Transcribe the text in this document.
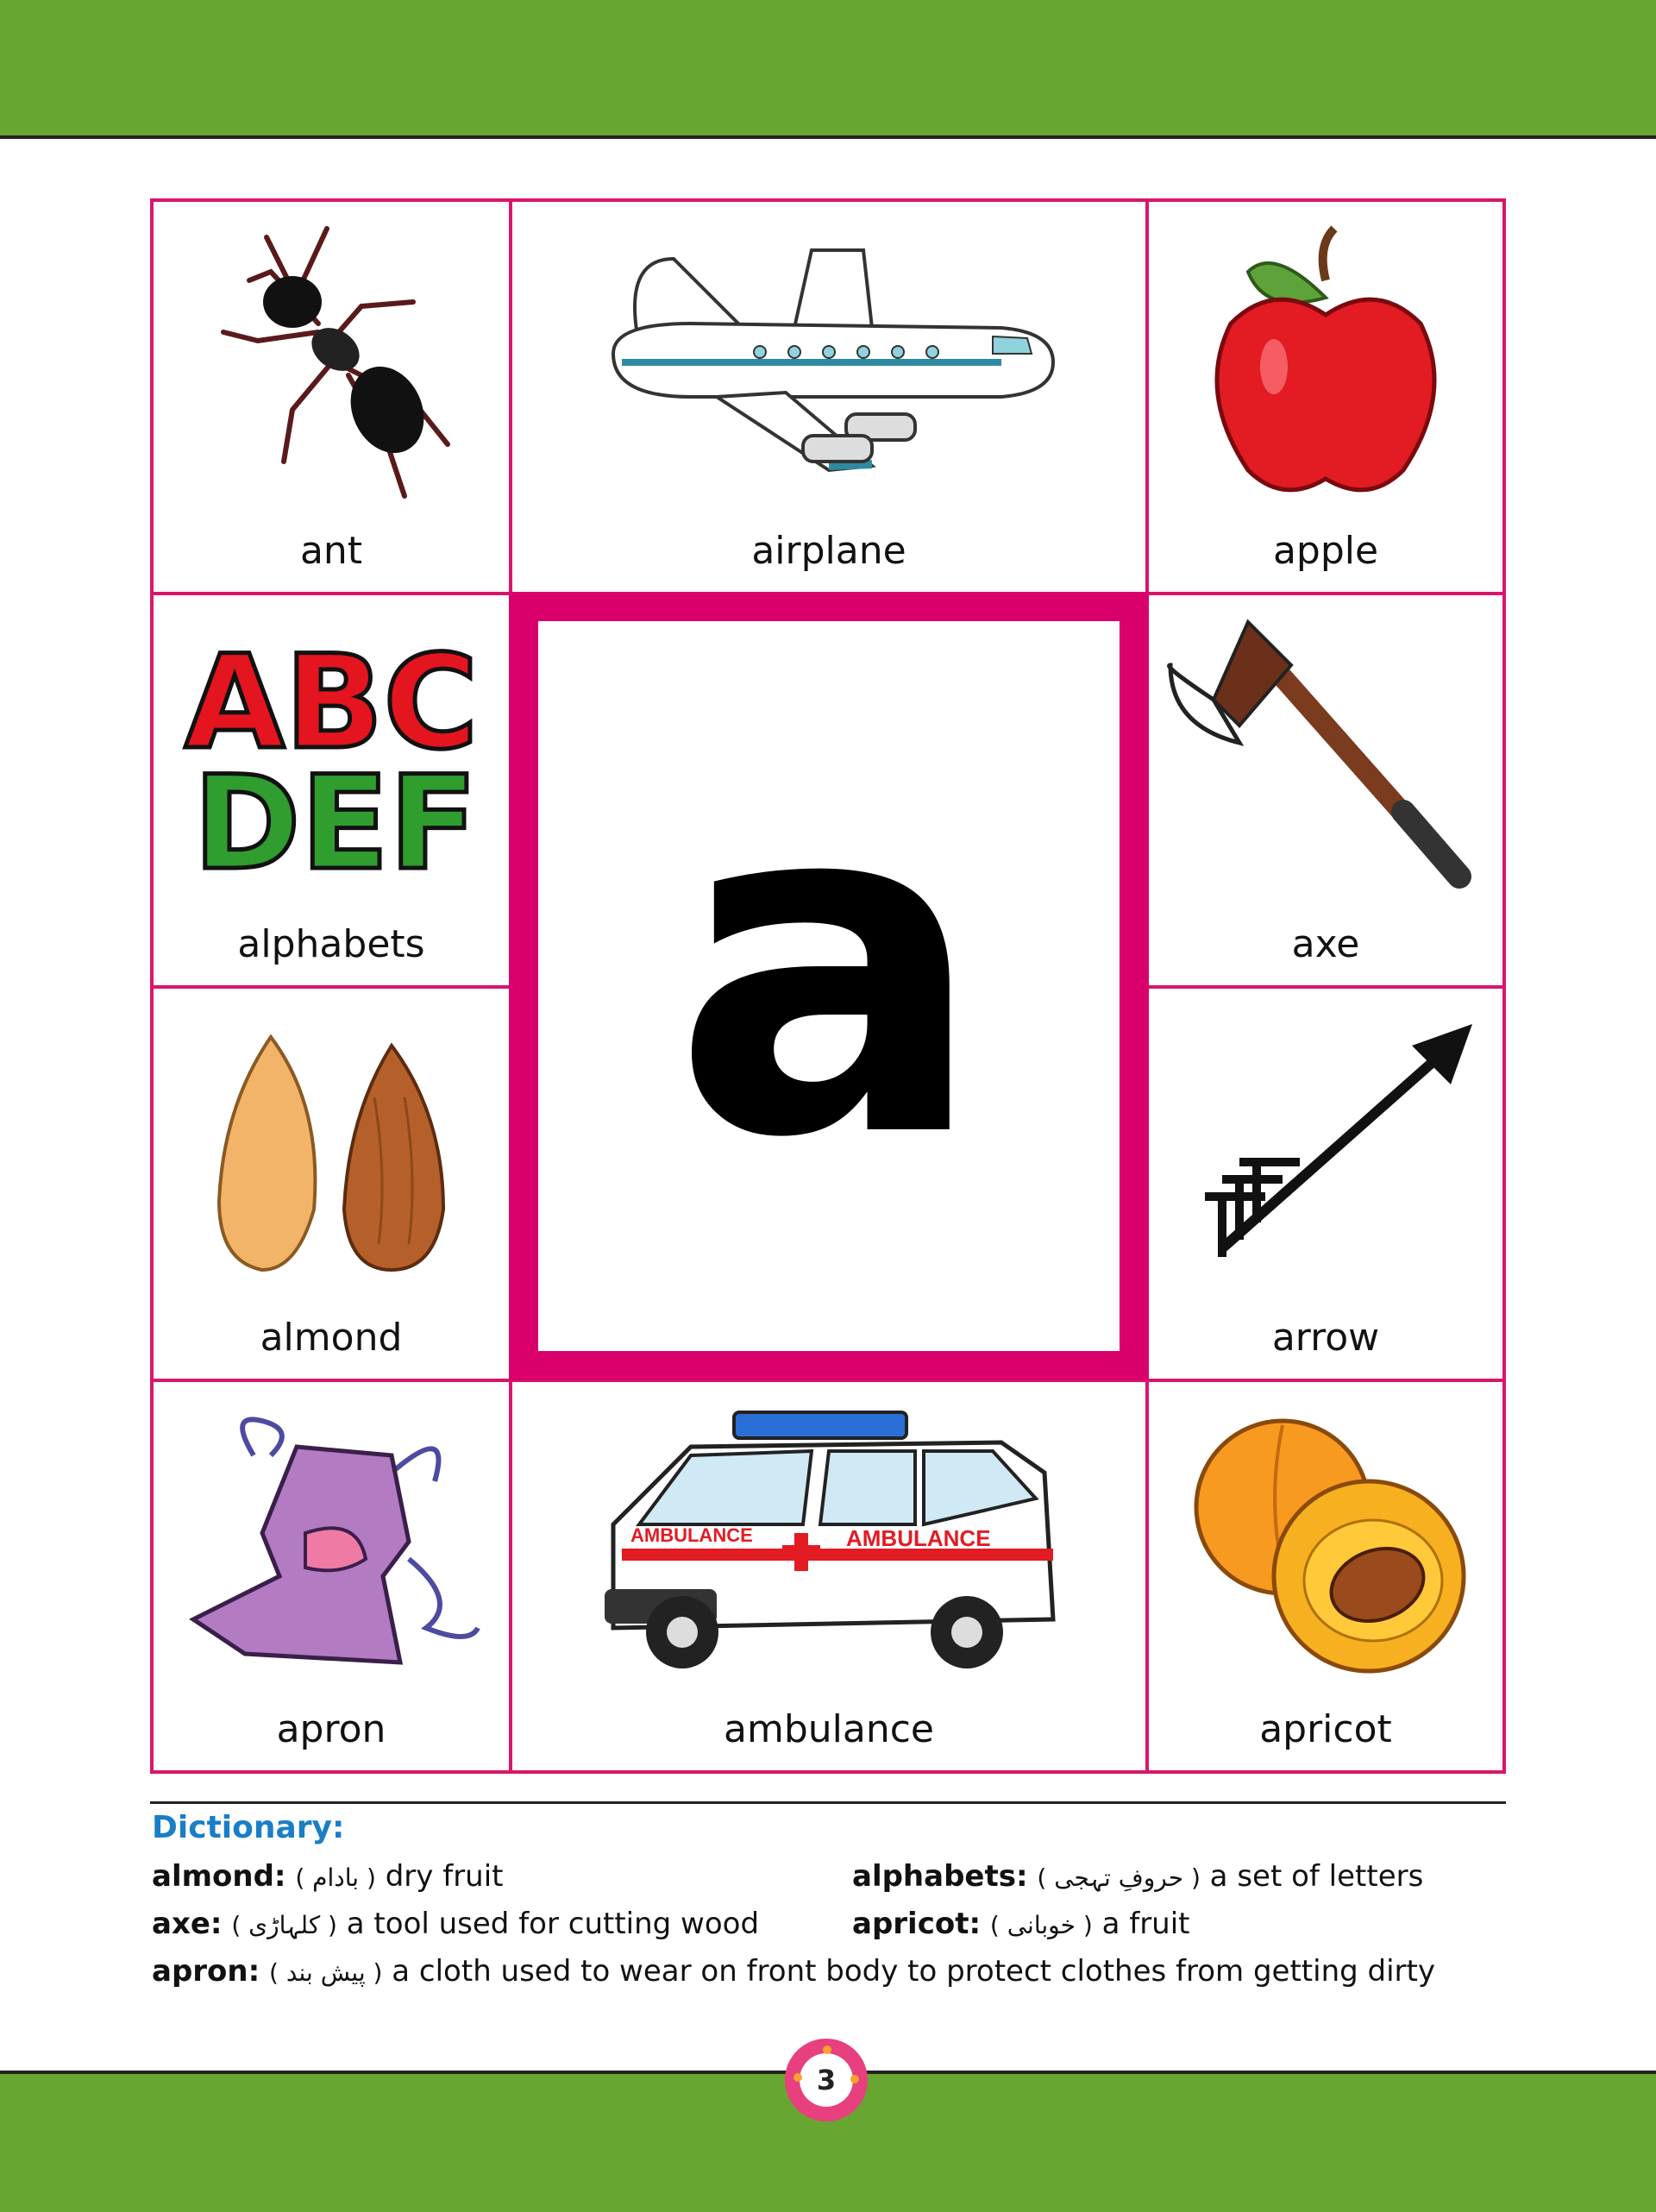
ant	airplane	apple
ABC
DEF
alphabets	axe
almond	arrow
apron
AMBULANCE	AMBULANCE
ambulance	apricot
a
Dictionary:
almond: ( بادام ) dry fruit	alphabets: ( حروفِ تہجی ) a set of letters
axe: ( کلہاڑی ) a tool used for cutting wood	apricot: ( خوبانی ) a fruit
apron: ( پیش بند ) a cloth used to wear on front body to protect clothes from getting dirty
3
